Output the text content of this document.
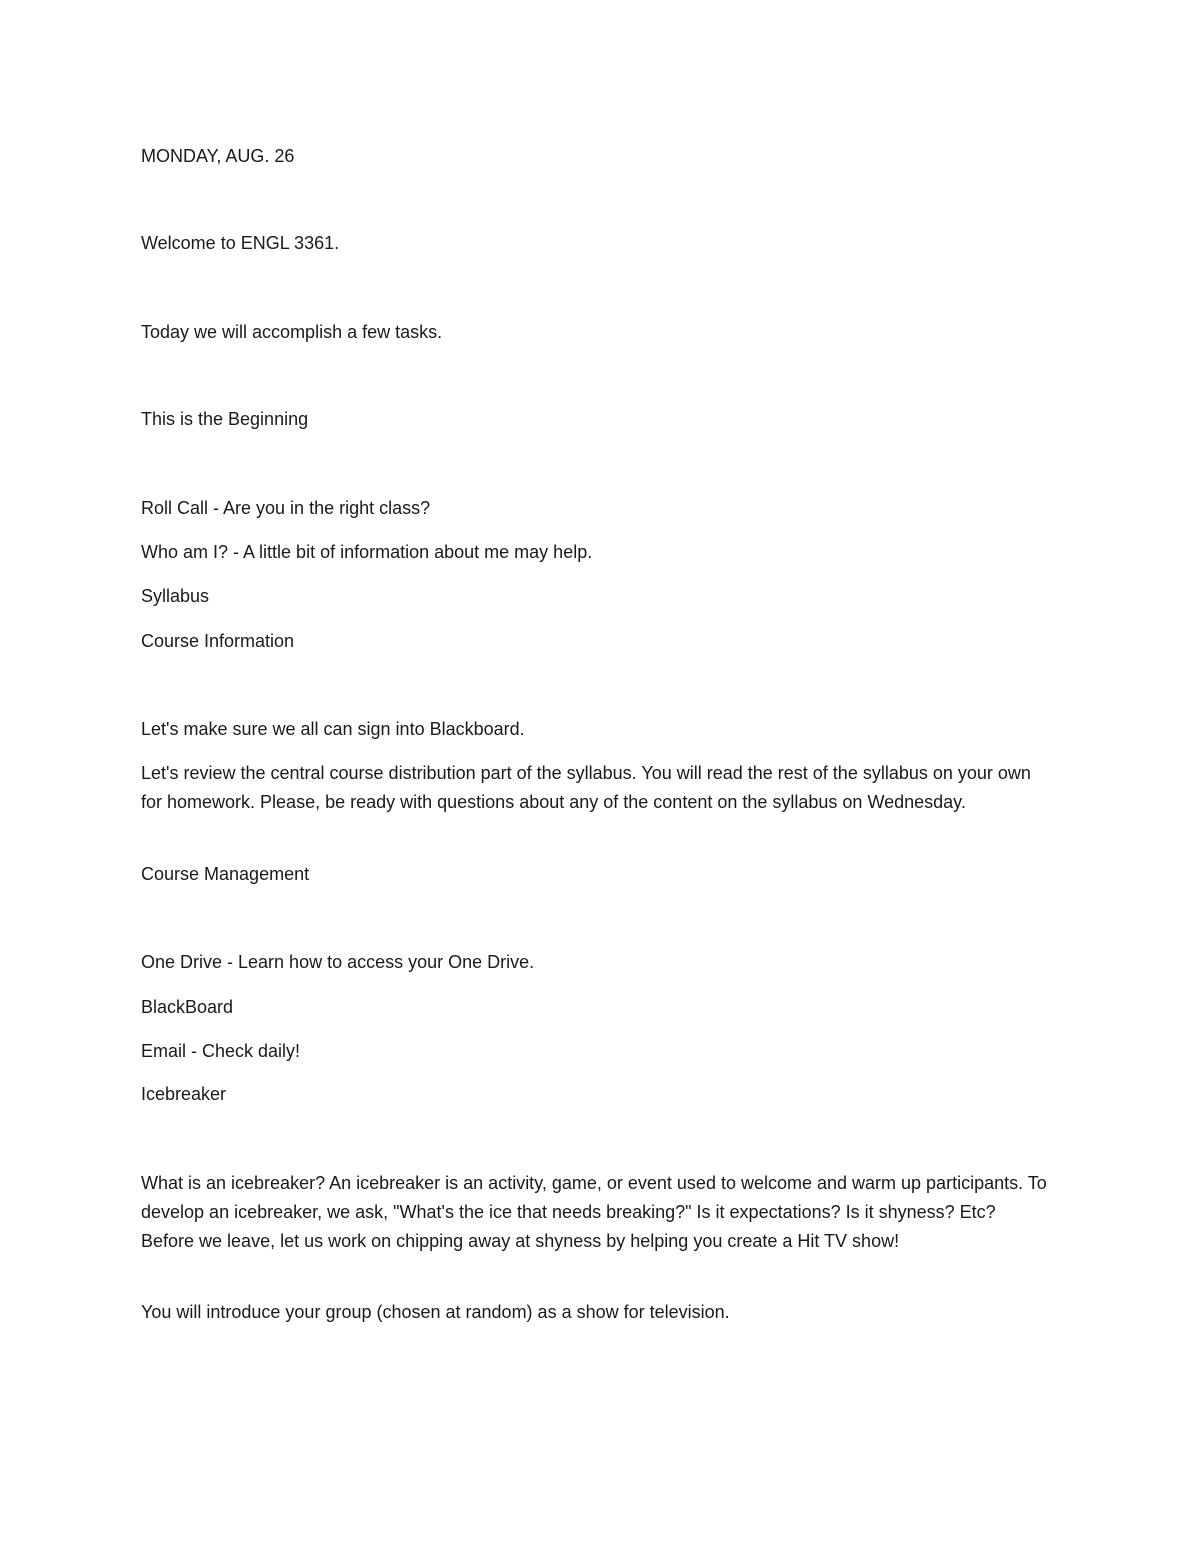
MONDAY, AUG. 26

Welcome to ENGL 3361.

Today we will accomplish a few tasks.

This is the Beginning

Roll Call - Are you in the right class?

Who am I? - A little bit of information about me may help.

Syllabus

Course Information

Let's make sure we all can sign into Blackboard.

Let's review the central course distribution part of the syllabus. You will read the rest of the syllabus on your own for homework. Please, be ready with questions about any of the content on the syllabus on Wednesday.

Course Management

One Drive - Learn how to access your One Drive.

BlackBoard

Email - Check daily!

Icebreaker

What is an icebreaker? An icebreaker is an activity, game, or event used to welcome and warm up participants. To develop an icebreaker, we ask, "What's the ice that needs breaking?" Is it expectations? Is it shyness? Etc? Before we leave, let us work on chipping away at shyness by helping you create a Hit TV show!

You will introduce your group (chosen at random) as a show for television.
